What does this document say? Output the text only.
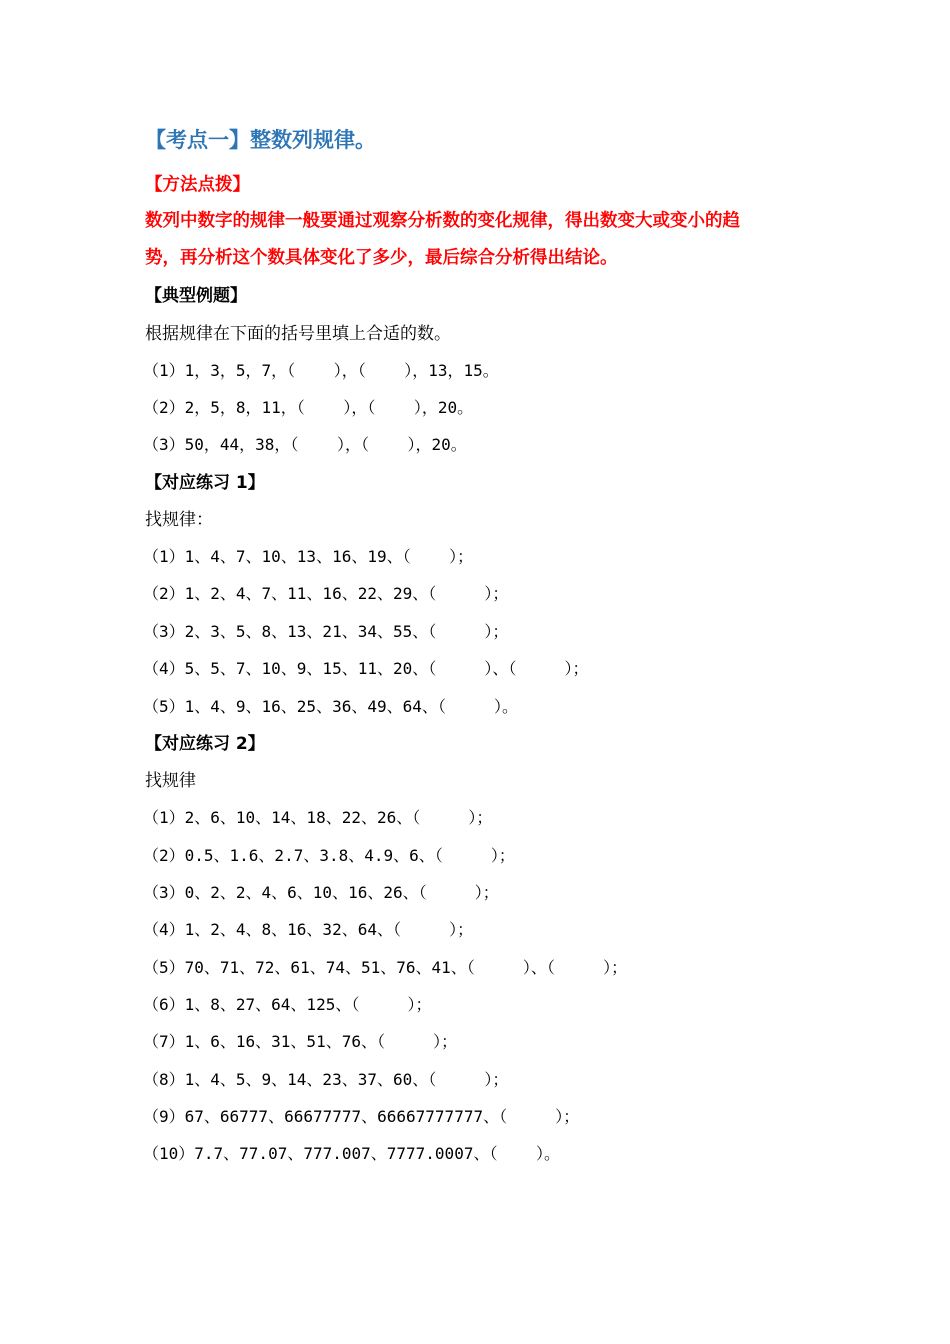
【考点一】整数列规律。
【方法点拨】
数列中数字的规律一般要通过观察分析数的变化规律，得出数变大或变小的趋
势，再分析这个数具体变化了多少，最后综合分析得出结论。
【典型例题】
根据规律在下面的括号里填上合适的数。
（1）1，3，5，7，（    ），（    ），13，15。
（2）2，5，8，11，（    ），（    ），20。
（3）50，44，38，（    ），（    ），20。
【对应练习 1】
找规律：
（1）1、4、7、10、13、16、19、（    ）；
（2）1、2、4、7、11、16、22、29、（     ）；
（3）2、3、5、8、13、21、34、55、（     ）；
（4）5、5、7、10、9、15、11、20、（     ）、（     ）；
（5）1、4、9、16、25、36、49、64、（     ）。
【对应练习 2】
找规律
（1）2、6、10、14、18、22、26、（     ）；
（2）0.5、1.6、2.7、3.8、4.9、6、（     ）；
（3）0、2、2、4、6、10、16、26、（     ）；
（4）1、2、4、8、16、32、64、（     ）；
（5）70、71、72、61、74、51、76、41、（     ）、（     ）；
（6）1、8、27、64、125、（     ）；
（7）1、6、16、31、51、76、（     ）；
（8）1、4、5、9、14、23、37、60、（     ）；
（9）67、66777、66677777、66667777777、（     ）；
（10）7.7、77.07、777.007、7777.0007、（    ）。
